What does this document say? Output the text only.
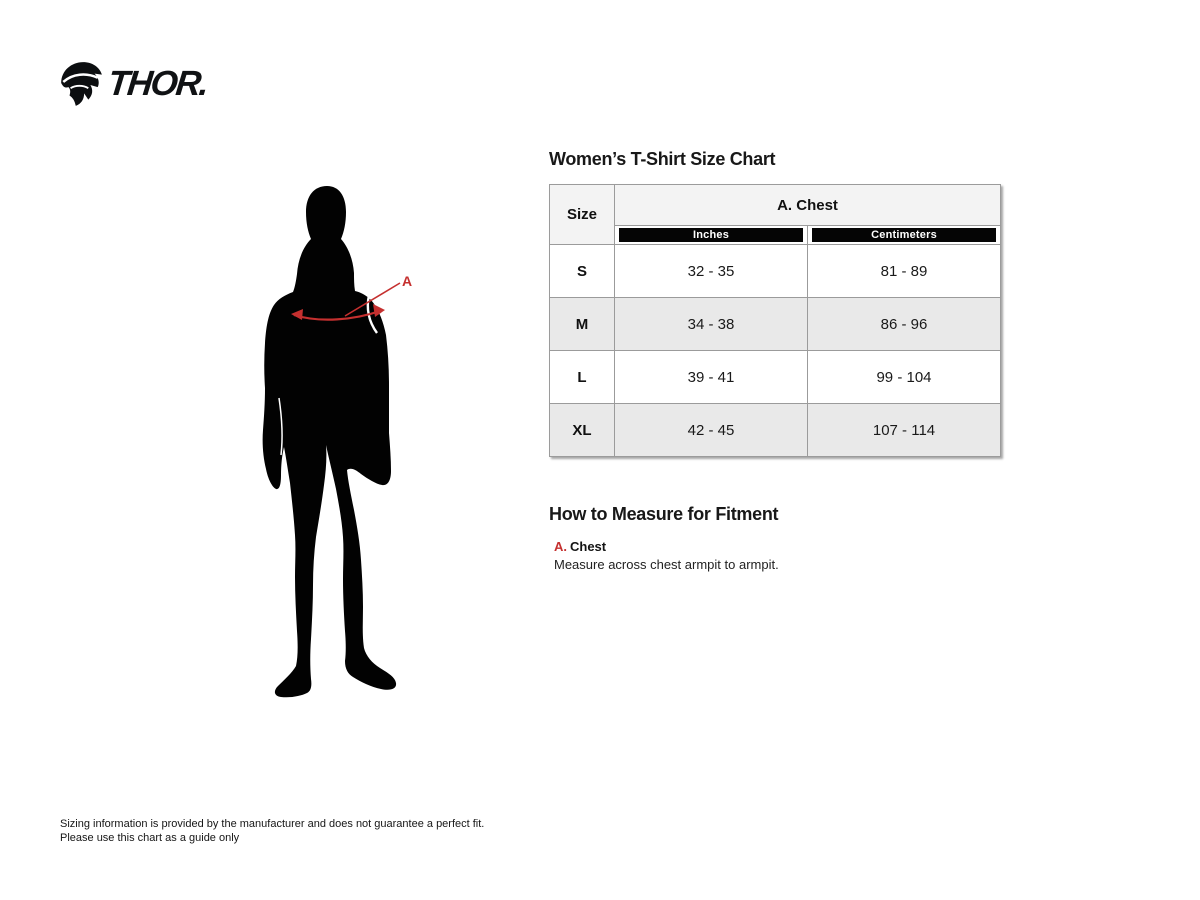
THOR.
A
Women’s T-Shirt Size Chart
Size	A. Chest	

	Inches	Centimeters

S	32 - 35	81 - 89
M	34 - 38	86 - 96
L	39 - 41	99 - 104
XL	42 - 45	107 - 114
How to Measure for Fitment
A. Chest
Measure across chest armpit to armpit.
Sizing information is provided by the manufacturer and does not guarantee a perfect fit.
Please use this chart as a guide only
